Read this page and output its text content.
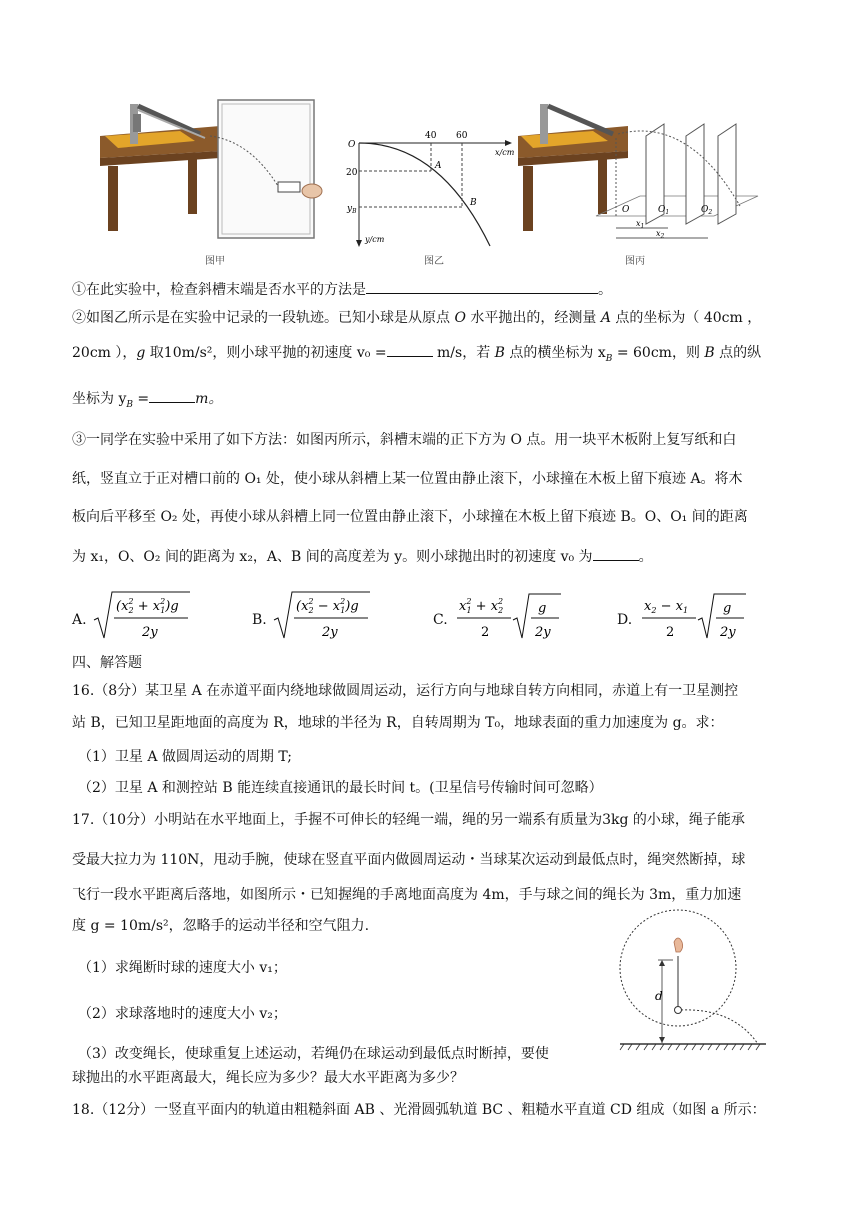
图甲
O
40 60
x/cm
20
$y_B$
A
B
y/cm
图乙
O	$O_1$	$O_2$
$x_1$
$x_2$
图丙
①在此实验中，检查斜槽末端是否水平的方法是	。
②如图乙所示是在实验中记录的一段轨迹。已知小球是从原点 O 水平抛出的，经测量 A 点的坐标为（ 40cm ，
20cm ），g 取10m/s²，则小球平抛的初速度 v₀ =	m/s，若 B 点的横坐标为 $x_B = 60cm$，则 B 点的纵
坐标为 $y_B$ =	m。
③一同学在实验中采用了如下方法：如图丙所示，斜槽末端的正下方为 O 点。用一块平木板附上复写纸和白
纸，竖直立于正对槽口前的 O₁ 处，使小球从斜槽上某一位置由静止滚下，小球撞在木板上留下痕迹 A。将木
板向后平移至 O₂ 处，再使小球从斜槽上同一位置由静止滚下，小球撞在木板上留下痕迹 B。O、O₁ 间的距离
为 x₁，O、O₂ 间的距离为 x₂，A、B 间的高度差为 y。则小球抛出时的初速度 v₀ 为	。
A.
($x^2$ $2 + x^2$ 1)g
2y
B.
($x^2$ $2 - x^2$ 1)g
2y
C.
$x^2$ $1 + x^2$ 2
2
g
2y
D.
$x_2 - x_1$
2
g
2y
四、解答题
16.（8分）某卫星 A 在赤道平面内绕地球做圆周运动，运行方向与地球自转方向相同，赤道上有一卫星测控
站 B，已知卫星距地面的高度为 R，地球的半径为 R，自转周期为 T₀，地球表面的重力加速度为 g。求：
（1）卫星 A 做圆周运动的周期 T;
（2）卫星 A 和测控站 B 能连续直接通讯的最长时间 t。(卫星信号传输时间可忽略）
17.（10分）小明站在水平地面上，手握不可伸长的轻绳一端，绳的另一端系有质量为3kg 的小球，绳子能承
受最大拉力为 110N，甩动手腕，使球在竖直平面内做圆周运动・当球某次运动到最低点时，绳突然断掉，球
飞行一段水平距离后落地，如图所示・已知握绳的手离地面高度为 4m，手与球之间的绳长为 3m，重力加速
度 g = 10m/s²，忽略手的运动半径和空气阻力.
（1）求绳断时球的速度大小 v₁；
（2）求球落地时的速度大小 v₂；
（3）改变绳长，使球重复上述运动，若绳仍在球运动到最低点时断掉，要使
球抛出的水平距离最大，绳长应为多少？最大水平距离为多少？
d
18.（12分）一竖直平面内的轨道由粗糙斜面 AB 、光滑圆弧轨道 BC 、粗糙水平直道 CD 组成（如图 a 所示：
